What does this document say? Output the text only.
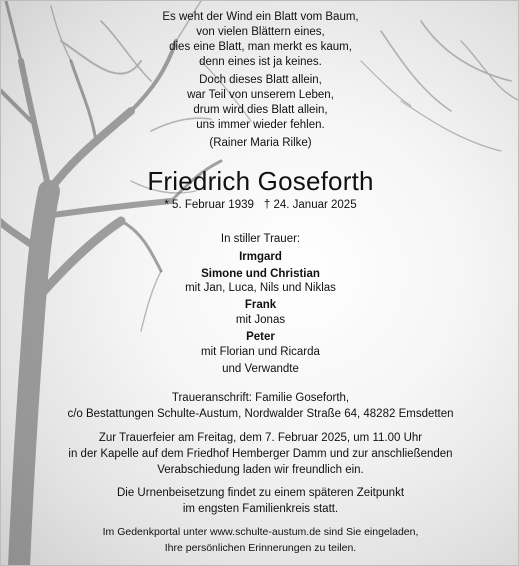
Es weht der Wind ein Blatt vom Baum,
von vielen Blättern eines,
dies eine Blatt, man merkt es kaum,
denn eines ist ja keines.
Doch dieses Blatt allein,
war Teil von unserem Leben,
drum wird dies Blatt allein,
uns immer wieder fehlen.
(Rainer Maria Rilke)
Friedrich Goseforth
* 5. Februar 1939 † 24. Januar 2025
In stiller Trauer:
Irmgard
Simone und Christian
mit Jan, Luca, Nils und Niklas
Frank
mit Jonas
Peter
mit Florian und Ricarda
und Verwandte
Traueranschrift: Familie Goseforth,
c/o Bestattungen Schulte-Austum, Nordwalder Straße 64, 48282 Emsdetten
Zur Trauerfeier am Freitag, dem 7. Februar 2025, um 11.00 Uhr
in der Kapelle auf dem Friedhof Hemberger Damm und zur anschließenden
Verabschiedung laden wir freundlich ein.
Die Urnenbeisetzung findet zu einem späteren Zeitpunkt
im engsten Familienkreis statt.
Im Gedenkportal unter www.schulte-austum.de sind Sie eingeladen,
Ihre persönlichen Erinnerungen zu teilen.
